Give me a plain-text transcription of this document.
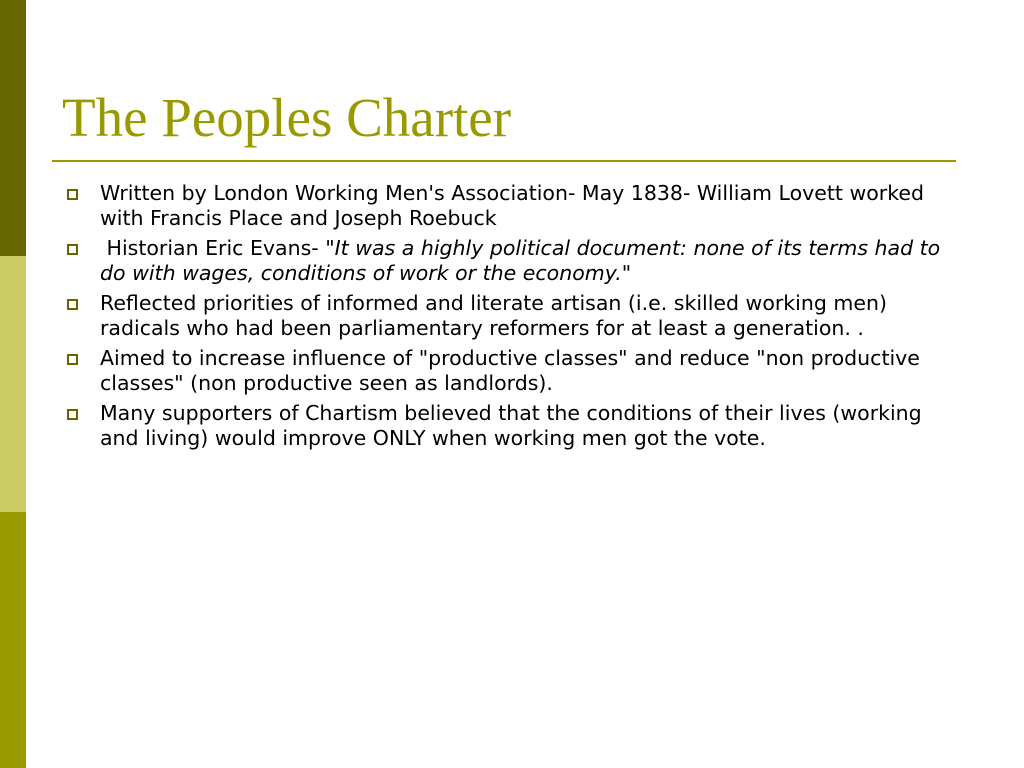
The Peoples Charter
Written by London Working Men's Association- May 1838- William Lovett worked with Francis Place and Joseph Roebuck
Historian Eric Evans- "It was a highly political document: none of its terms had to do with wages, conditions of work or the economy."
Reflected priorities of informed and literate artisan (i.e. skilled working men) radicals who had been parliamentary reformers for at least a generation. .
Aimed to increase influence of "productive classes" and reduce "non productive classes" (non productive seen as landlords).
Many supporters of Chartism believed that the conditions of their lives (working and living) would improve ONLY when working men got the vote.
